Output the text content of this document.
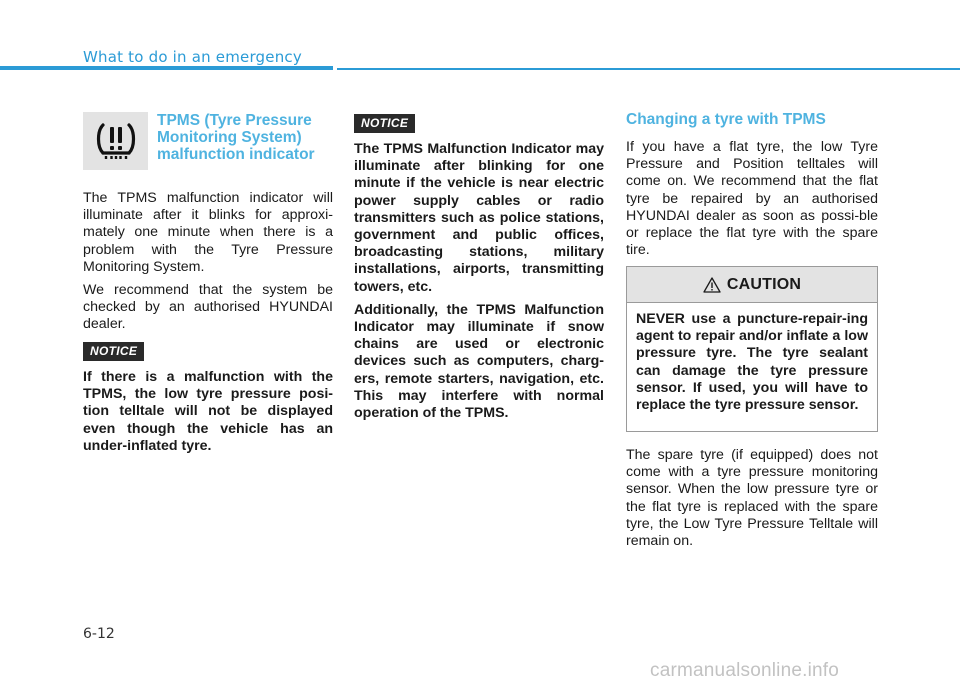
What to do in an emergency
TPMS (Tyre Pressure
Monitoring System)
malfunction indicator

The TPMS malfunction indicator will illuminate after it blinks for approxi-mately one minute when there is a problem with the Tyre Pressure Monitoring System.

We recommend that the system be checked by an authorised HYUNDAI dealer.

NOTICE

If there is a malfunction with the TPMS, the low tyre pressure posi-tion telltale will not be displayed even though the vehicle has an under-inflated tyre.

NOTICE

The TPMS Malfunction Indicator may illuminate after blinking for one minute if the vehicle is near electric power supply cables or radio transmitters such as police stations, government and public offices, broadcasting stations, military installations, airports, transmitting towers, etc.

Additionally, the TPMS Malfunction Indicator may illuminate if snow chains are used or electronic devices such as computers, charg-ers, remote starters, navigation, etc. This may interfere with normal operation of the TPMS.

Changing a tyre with TPMS

If you have a flat tyre, the low Tyre Pressure and Position telltales will come on. We recommend that the flat tyre be repaired by an authorised HYUNDAI dealer as soon as possi-ble or replace the flat tyre with the spare tire.

CAUTION

NEVER use a puncture-repair-ing agent to repair and/or inflate a low pressure tyre. The tyre sealant can damage the tyre pressure sensor. If used, you will have to replace the tyre pressure sensor.

The spare tyre (if equipped) does not come with a tyre pressure monitoring sensor. When the low pressure tyre or the flat tyre is replaced with the spare tyre, the Low Tyre Pressure Telltale will remain on.

6-12
carmanualsonline.info
